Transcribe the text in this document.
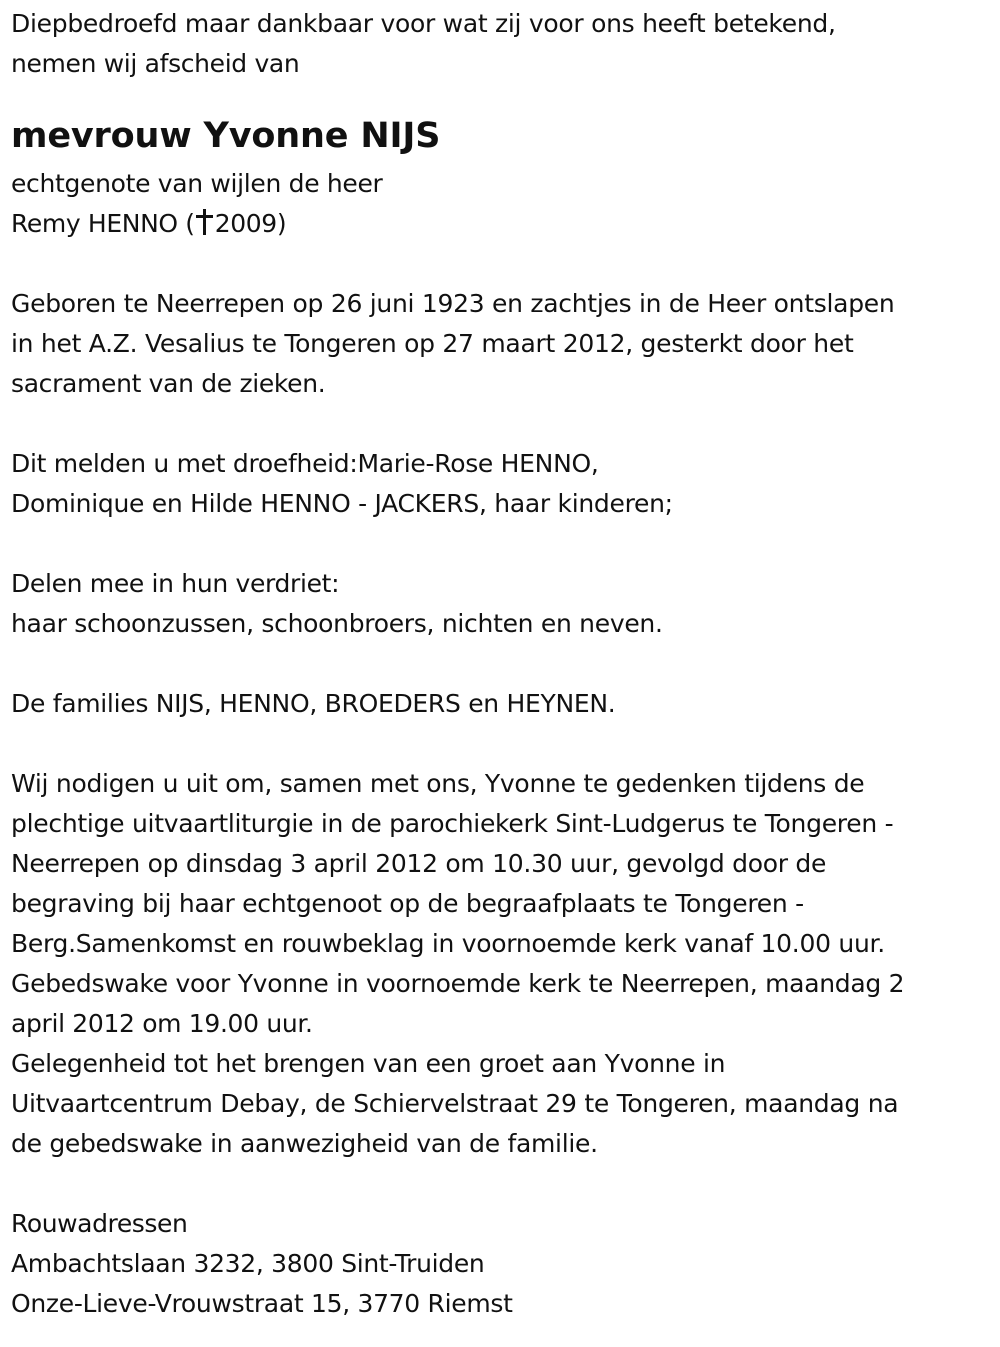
Diepbedroefd maar dankbaar voor wat zij voor ons heeft betekend,
nemen wij afscheid van
mevrouw Yvonne NIJS
echtgenote van wijlen de heer
Remy HENNO ( 2009)
Geboren te Neerrepen op 26 juni 1923 en zachtjes in de Heer ontslapen
in het A.Z. Vesalius te Tongeren op 27 maart 2012, gesterkt door het
sacrament van de zieken.
Dit melden u met droefheid:Marie-Rose HENNO,
Dominique en Hilde HENNO - JACKERS, haar kinderen;
Delen mee in hun verdriet:
haar schoonzussen, schoonbroers, nichten en neven.
De families NIJS, HENNO, BROEDERS en HEYNEN.
Wij nodigen u uit om, samen met ons, Yvonne te gedenken tijdens de
plechtige uitvaartliturgie in de parochiekerk Sint-Ludgerus te Tongeren -
Neerrepen op dinsdag 3 april 2012 om 10.30 uur, gevolgd door de
begraving bij haar echtgenoot op de begraafplaats te Tongeren -
Berg.Samenkomst en rouwbeklag in voornoemde kerk vanaf 10.00 uur.
Gebedswake voor Yvonne in voornoemde kerk te Neerrepen, maandag 2
april 2012 om 19.00 uur.
Gelegenheid tot het brengen van een groet aan Yvonne in
Uitvaartcentrum Debay, de Schiervelstraat 29 te Tongeren, maandag na
de gebedswake in aanwezigheid van de familie.
Rouwadressen
Ambachtslaan 3232, 3800 Sint-Truiden
Onze-Lieve-Vrouwstraat 15, 3770 Riemst
